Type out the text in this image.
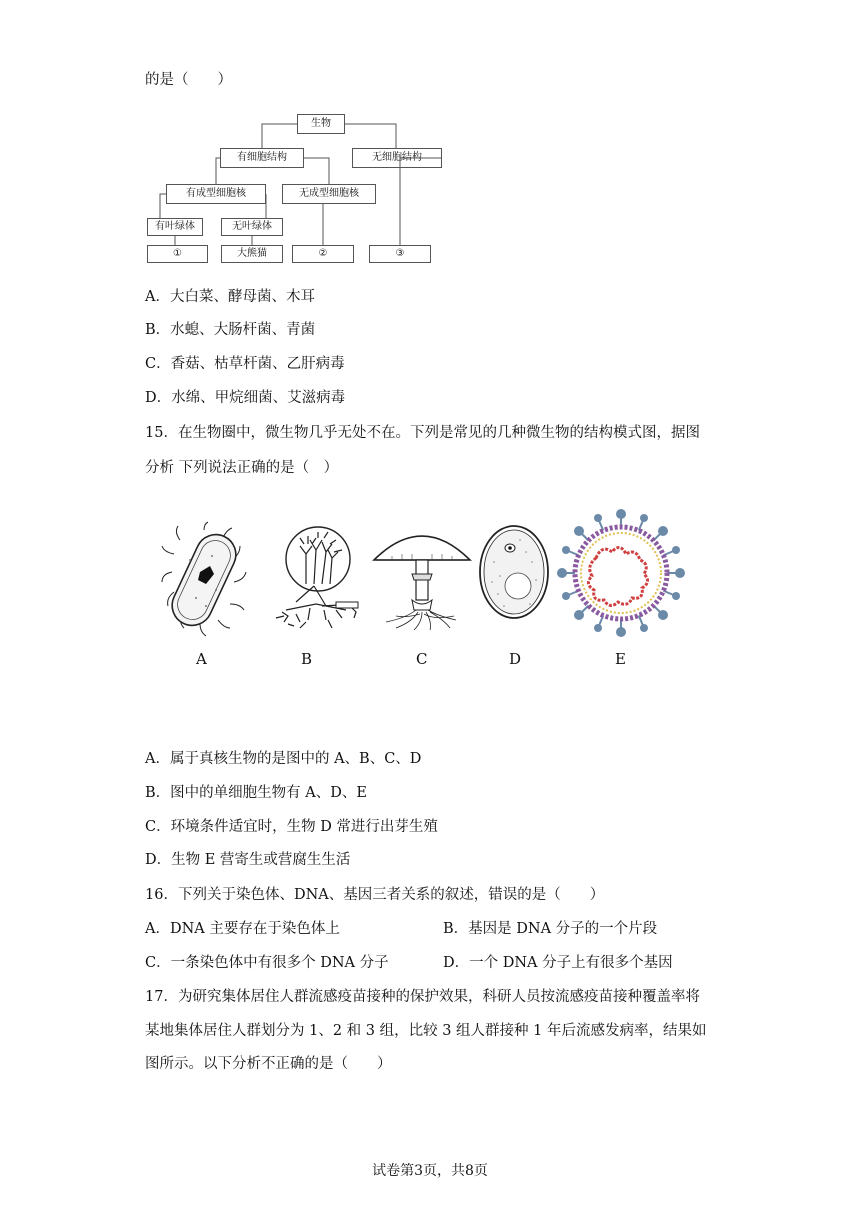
的是（　　）
生物
有细胞结构	无细胞结构
有成型细胞核	无成型细胞核
有叶绿体	无叶绿体
①	大熊猫	②	③
A．大白菜、酵母菌、木耳
B．水螅、大肠杆菌、青菌
C．香菇、枯草杆菌、乙肝病毒
D．水绵、甲烷细菌、艾滋病毒
15．在生物圈中，微生物几乎无处不在。下列是常见的几种微生物的结构模式图，据图
分析 下列说法正确的是（　）
A	B	C	D	E
A．属于真核生物的是图中的 A、B、C、D
B．图中的单细胞生物有 A、D、E
C．环境条件适宜时，生物 D 常进行出芽生殖
D．生物 E 营寄生或营腐生生活
16．下列关于染色体、DNA、基因三者关系的叙述，错误的是（　　）
A．DNA 主要存在于染色体上	B．基因是 DNA 分子的一个片段
C．一条染色体中有很多个 DNA 分子	D．一个 DNA 分子上有很多个基因
17．为研究集体居住人群流感疫苗接种的保护效果，科研人员按流感疫苗接种覆盖率将
某地集体居住人群划分为 1、2 和 3 组，比较 3 组人群接种 1 年后流感发病率，结果如
图所示。以下分析不正确的是（　　）
试卷第3页，共8页
